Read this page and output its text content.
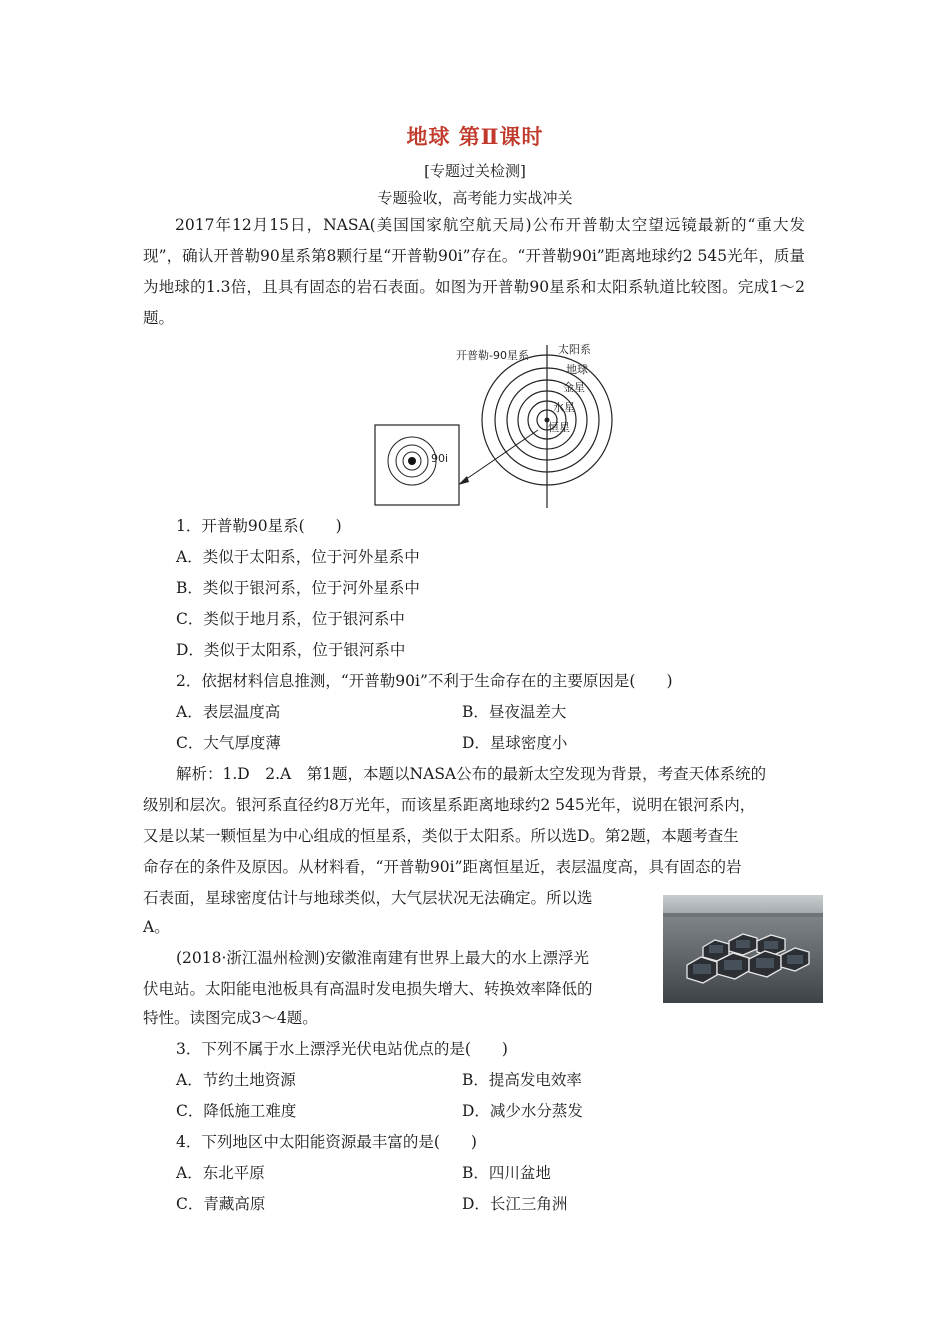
地球 第Ⅱ课时
[专题过关检测]
专题验收，高考能力实战冲关
2017年12月15日，NASA(美国国家航空航天局)公布开普勒太空望远镜最新的“重大发现”，确认开普勒90星系第8颗行星“开普勒90i”存在。“开普勒90i”距离地球约2 545光年，质量为地球的1.3倍，且具有固态的岩石表面。如图为开普勒90星系和太阳系轨道比较图。完成1～2题。
开普勒-90星系	太阳系
地球
金星
水星
恒星
90i
1．开普勒90星系(　　)
A．类似于太阳系，位于河外星系中
B．类似于银河系，位于河外星系中
C．类似于地月系，位于银河系中
D．类似于太阳系，位于银河系中
2．依据材料信息推测，“开普勒90i”不利于生命存在的主要原因是(　　)
A．表层温度高	B．昼夜温差大
C．大气厚度薄	D．星球密度小
解析：1.D　2.A　第1题，本题以NASA公布的最新太空发现为背景，考查天体系统的
级别和层次。银河系直径约8万光年，而该星系距离地球约2 545光年，说明在银河系内，
又是以某一颗恒星为中心组成的恒星系，类似于太阳系。所以选D。第2题，本题考查生
命存在的条件及原因。从材料看，“开普勒90i”距离恒星近，表层温度高，具有固态的岩
石表面，星球密度估计与地球类似，大气层状况无法确定。所以选
A。
(2018·浙江温州检测)安徽淮南建有世界上最大的水上漂浮光
伏电站。太阳能电池板具有高温时发电损失增大、转换效率降低的
特性。读图完成3～4题。
3．下列不属于水上漂浮光伏电站优点的是(　　)
A．节约土地资源	B．提高发电效率
C．降低施工难度	D．减少水分蒸发
4．下列地区中太阳能资源最丰富的是(　　)
A．东北平原	B．四川盆地
C．青藏高原	D．长江三角洲
